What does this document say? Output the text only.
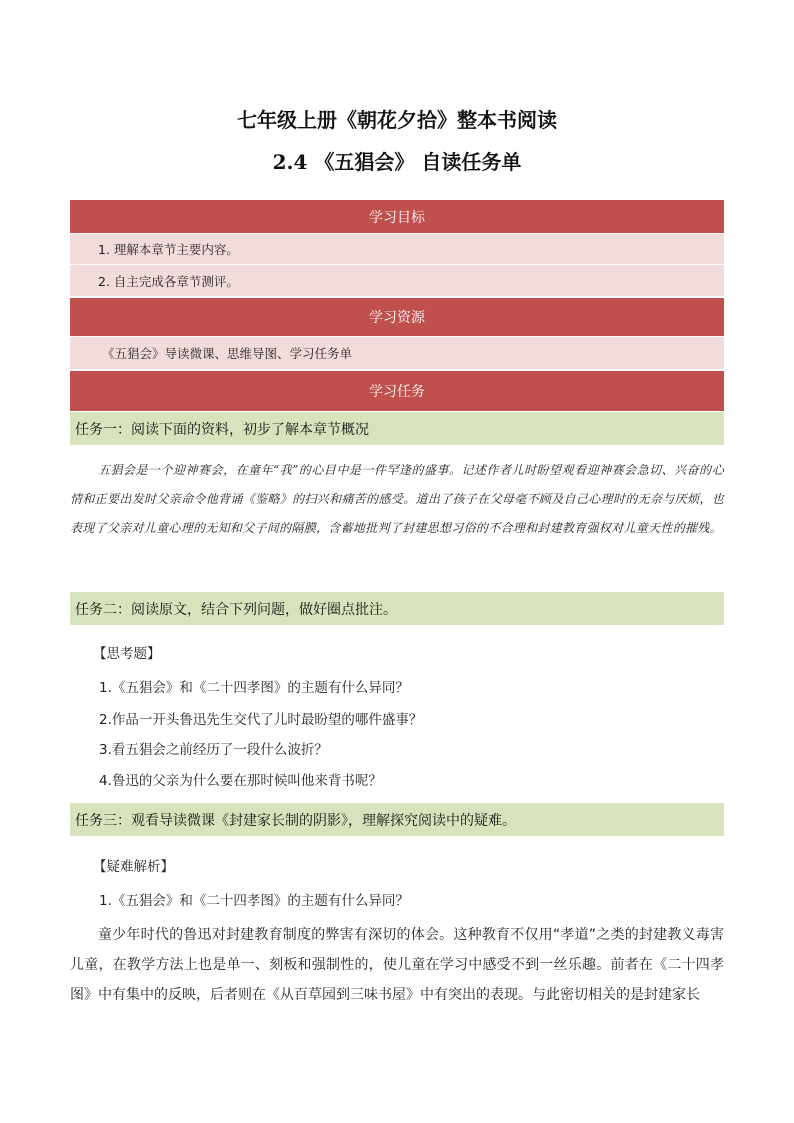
七年级上册《朝花夕拾》整本书阅读
2.4 《五猖会》 自读任务单
学习目标
1. 理解本章节主要内容。
2. 自主完成各章节测评。
学习资源
《五猖会》导读微课、思维导图、学习任务单
学习任务
任务一：阅读下面的资料，初步了解本章节概况
五猖会是一个迎神赛会，在童年“我”的心目中是一件罕逢的盛事。记述作者儿时盼望观看迎神赛会急切、兴奋的心情和正要出发时父亲命令他背诵《鉴略》的扫兴和痛苦的感受。道出了孩子在父母毫不顾及自己心理时的无奈与厌烦，也表现了父亲对儿童心理的无知和父子间的隔膜，含蓄地批判了封建思想习俗的不合理和封建教育强权对儿童天性的摧残。
任务二：阅读原文，结合下列问题，做好圈点批注。
【思考题】
1.《五猖会》和《二十四孝图》的主题有什么异同？
2.作品一开头鲁迅先生交代了儿时最盼望的哪件盛事？
3.看五猖会之前经历了一段什么波折？
4.鲁迅的父亲为什么要在那时候叫他来背书呢？
任务三：观看导读微课《封建家长制的阴影》，理解探究阅读中的疑难。
【疑难解析】
1.《五猖会》和《二十四孝图》的主题有什么异同？
童少年时代的鲁迅对封建教育制度的弊害有深切的体会。这种教育不仅用“孝道”之类的封建教义毒害儿童，在教学方法上也是单一、刻板和强制性的，使儿童在学习中感受不到一丝乐趣。前者在《二十四孝图》中有集中的反映，后者则在《从百草园到三味书屋》中有突出的表现。与此密切相关的是封建家长
